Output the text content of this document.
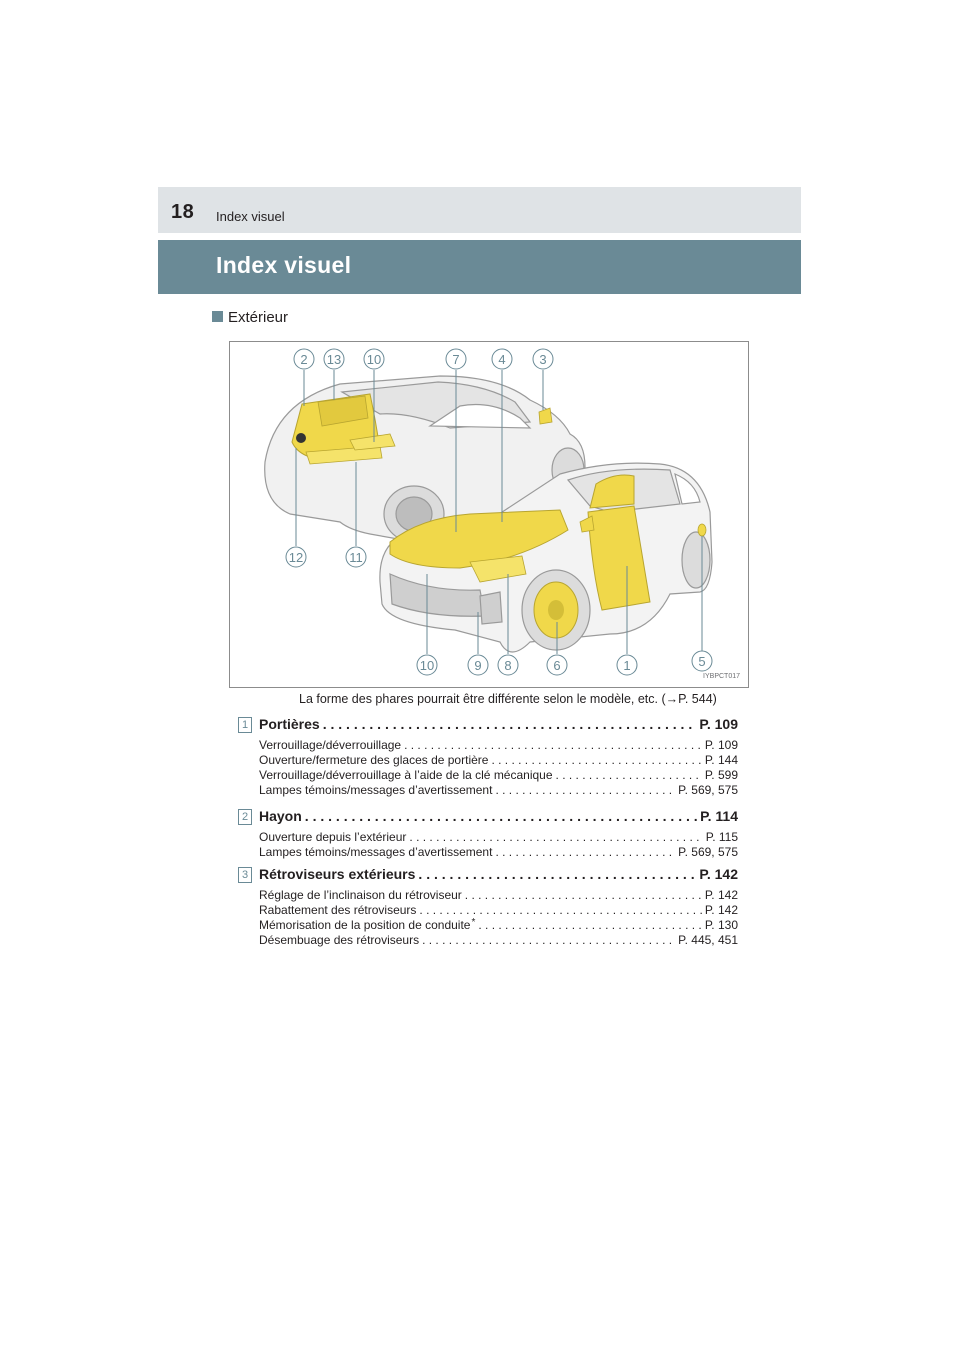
18 Index visuel
Index visuel
Extérieur
2 13 10	7	4	3
12	11
10	9 8	6	1	5
IYBPCT017
La forme des phares pourrait être différente selon le modèle, etc. (→P. 544)
1 Portières . . .	P. 109
Verrouillage/déverrouillage . . .	P. 109
Ouverture/fermeture des glaces de portière . . .	P. 144
Verrouillage/déverrouillage à l’aide de la clé mécanique . . .	P. 599
Lampes témoins/messages d’avertissement . . .	P. 569, 575
2 Hayon . . .	P. 114
Ouverture depuis l’extérieur . . .	P. 115
Lampes témoins/messages d’avertissement . . .	P. 569, 575
3 Rétroviseurs extérieurs . . .	P. 142
Réglage de l’inclinaison du rétroviseur . . .	P. 142
Rabattement des rétroviseurs . . .	P. 142
Mémorisation de la position de conduite * . . .	P. 130
Désembuage des rétroviseurs . . .	P. 445, 451
